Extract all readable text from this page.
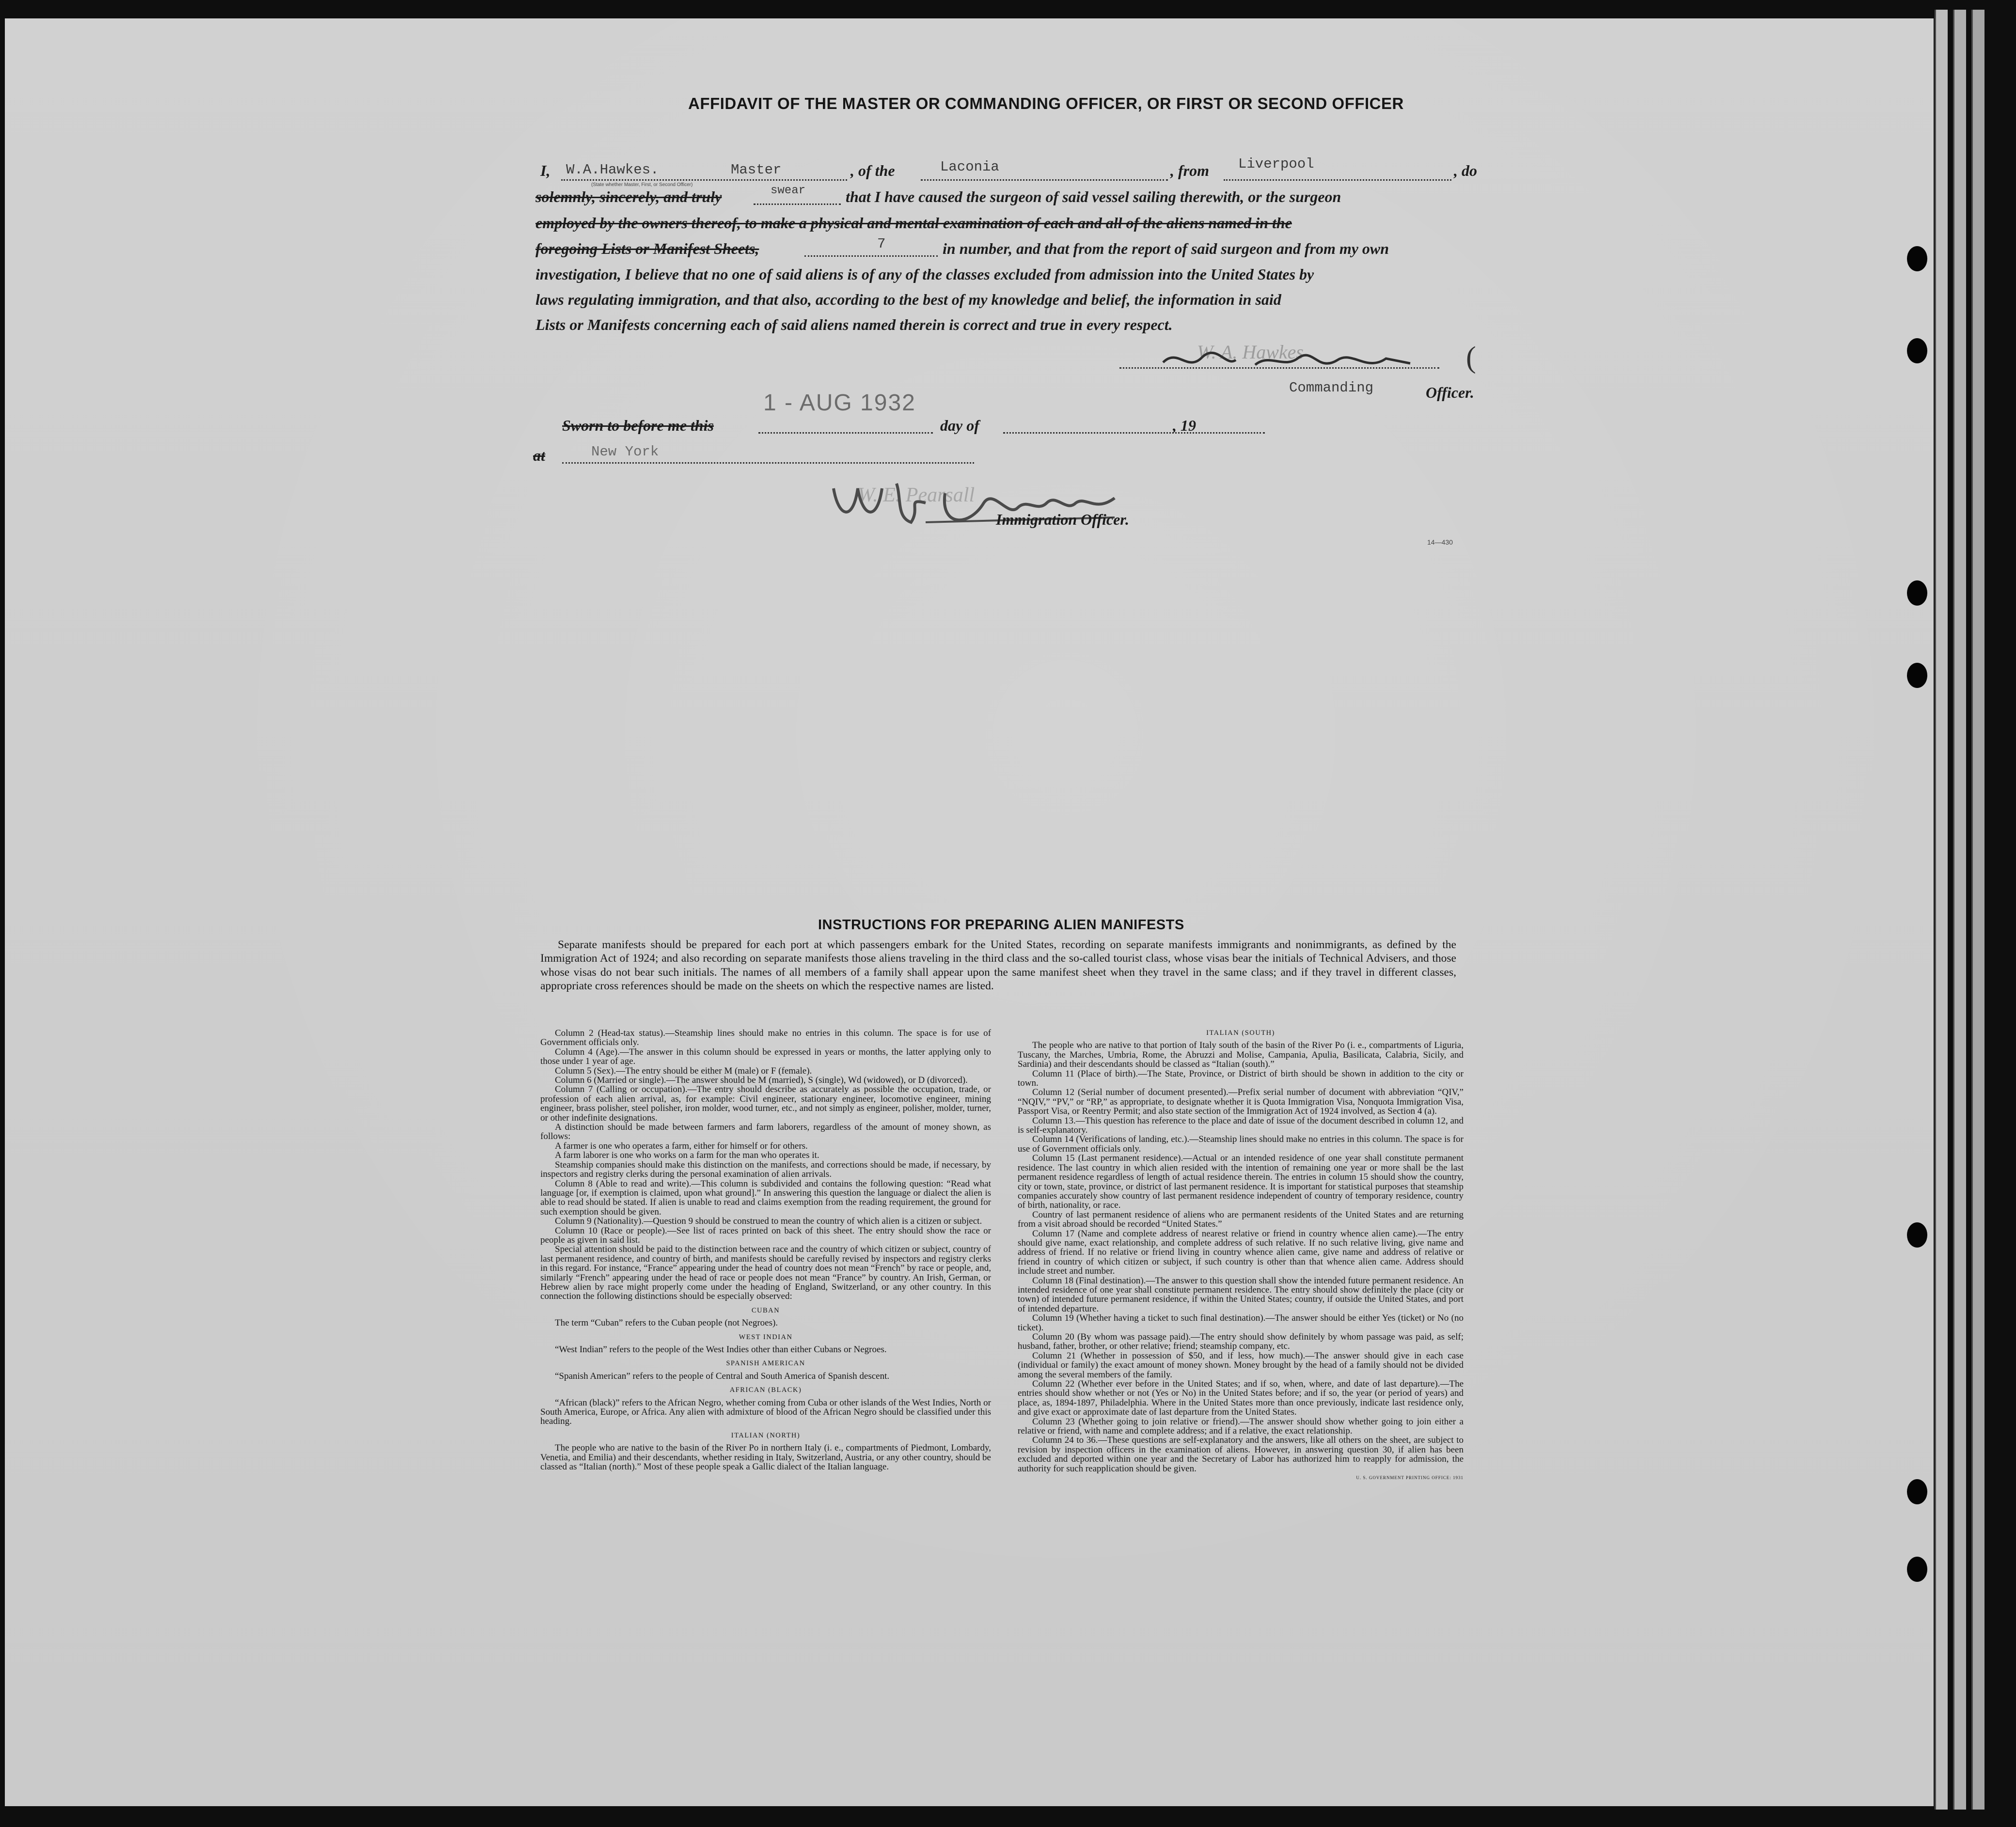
AFFIDAVIT OF THE MASTER OR COMMANDING OFFICER, OR FIRST OR SECOND OFFICER
I, W.A.Hawkes.	Master	, of the	Laconia	, from Liverpool	, do
(State whether Master, First, or Second Officer)
solemnly, sincerely, and truly	swear	that I have caused the surgeon of said vessel sailing therewith, or the surgeon
employed by the owners thereof, to make a physical and mental examination of each and all of the aliens named in the
foregoing Lists or Manifest Sheets,	7	in number, and that from the report of said surgeon and from my own
investigation, I believe that no one of said aliens is of any of the classes excluded from admission into the United States by
laws regulating immigration, and that also, according to the best of my knowledge and belief, the information in said
Lists or Manifests concerning each of said aliens named therein is correct and true in every respect.
W. A. Hawkes	(
Commanding	Officer.
1 - AUG 1932
Sworn to before me this	day of	, 19
at	New York
W. E. Pearsall
Immigration Officer.
14—430
INSTRUCTIONS FOR PREPARING ALIEN MANIFESTS
Separate manifests should be prepared for each port at which passengers embark for the United States, recording on separate manifests immigrants and nonimmigrants, as defined by the Immigration Act of 1924; and also recording on separate manifests those aliens traveling in the third class and the so-called tourist class, whose visas bear the initials of Technical Advisers, and those whose visas do not bear such initials. The names of all members of a family shall appear upon the same manifest sheet when they travel in the same class; and if they travel in different classes, appropriate cross references should be made on the sheets on which the respective names are listed.

Column 2 (Head-tax status).—Steamship lines should make no entries in this column. The space is for use of Government officials only.

Column 4 (Age).—The answer in this column should be expressed in years or months, the latter applying only to those under 1 year of age.

Column 5 (Sex).—The entry should be either M (male) or F (female).

Column 6 (Married or single).—The answer should be M (married), S (single), Wd (widowed), or D (divorced).

Column 7 (Calling or occupation).—The entry should describe as accurately as possible the occupation, trade, or profession of each alien arrival, as, for example: Civil engineer, stationary engineer, locomotive engineer, mining engineer, brass polisher, steel polisher, iron molder, wood turner, etc., and not simply as engineer, polisher, molder, turner, or other indefinite designations.

A distinction should be made between farmers and farm laborers, regardless of the amount of money shown, as follows:

A farmer is one who operates a farm, either for himself or for others.

A farm laborer is one who works on a farm for the man who operates it.

Steamship companies should make this distinction on the manifests, and corrections should be made, if necessary, by inspectors and registry clerks during the personal examination of alien arrivals.

Column 8 (Able to read and write).—This column is subdivided and contains the following question: “Read what language [or, if exemption is claimed, upon what ground].” In answering this question the language or dialect the alien is able to read should be stated. If alien is unable to read and claims exemption from the reading requirement, the ground for such exemption should be given.

Column 9 (Nationality).—Question 9 should be construed to mean the country of which alien is a citizen or subject.

Column 10 (Race or people).—See list of races printed on back of this sheet. The entry should show the race or people as given in said list.

Special attention should be paid to the distinction between race and the country of which citizen or subject, country of last permanent residence, and country of birth, and manifests should be carefully revised by inspectors and registry clerks in this regard. For instance, “France” appearing under the head of country does not mean “French” by race or people, and, similarly “French” appearing under the head of race or people does not mean “France” by country. An Irish, German, or Hebrew alien by race might properly come under the heading of England, Switzerland, or any other country. In this connection the following distinctions should be especially observed:

CUBAN

The term “Cuban” refers to the Cuban people (not Negroes).

WEST INDIAN

“West Indian” refers to the people of the West Indies other than either Cubans or Negroes.

SPANISH AMERICAN

“Spanish American” refers to the people of Central and South America of Spanish descent.

AFRICAN (BLACK)

“African (black)” refers to the African Negro, whether coming from Cuba or other islands of the West Indies, North or South America, Europe, or Africa. Any alien with admixture of blood of the African Negro should be classified under this heading.

ITALIAN (NORTH)

The people who are native to the basin of the River Po in northern Italy (i. e., compartments of Piedmont, Lombardy, Venetia, and Emilia) and their descendants, whether residing in Italy, Switzerland, Austria, or any other country, should be classed as “Italian (north).” Most of these people speak a Gallic dialect of the Italian language.

ITALIAN (SOUTH)

The people who are native to that portion of Italy south of the basin of the River Po (i. e., compartments of Liguria, Tuscany, the Marches, Umbria, Rome, the Abruzzi and Molise, Campania, Apulia, Basilicata, Calabria, Sicily, and Sardinia) and their descendants should be classed as “Italian (south).”

Column 11 (Place of birth).—The State, Province, or District of birth should be shown in addition to the city or town.

Column 12 (Serial number of document presented).—Prefix serial number of document with abbreviation “QIV,” “NQIV,” “PV,” or “RP,” as appropriate, to designate whether it is Quota Immigration Visa, Nonquota Immigration Visa, Passport Visa, or Reentry Permit; and also state section of the Immigration Act of 1924 involved, as Section 4 (a).

Column 13.—This question has reference to the place and date of issue of the document described in column 12, and is self-explanatory.

Column 14 (Verifications of landing, etc.).—Steamship lines should make no entries in this column. The space is for use of Government officials only.

Column 15 (Last permanent residence).—Actual or an intended residence of one year shall constitute permanent residence. The last country in which alien resided with the intention of remaining one year or more shall be the last permanent residence regardless of length of actual residence therein. The entries in column 15 should show the country, city or town, state, province, or district of last permanent residence. It is important for statistical purposes that steamship companies accurately show country of last permanent residence independent of country of temporary residence, country of birth, nationality, or race.

Country of last permanent residence of aliens who are permanent residents of the United States and are returning from a visit abroad should be recorded “United States.”

Column 17 (Name and complete address of nearest relative or friend in country whence alien came).—The entry should give name, exact relationship, and complete address of such relative. If no such relative living, give name and address of friend. If no relative or friend living in country whence alien came, give name and address of relative or friend in country of which citizen or subject, if such country is other than that whence alien came. Address should include street and number.

Column 18 (Final destination).—The answer to this question shall show the intended future permanent residence. An intended residence of one year shall constitute permanent residence. The entry should show definitely the place (city or town) of intended future permanent residence, if within the United States; country, if outside the United States, and port of intended departure.

Column 19 (Whether having a ticket to such final destination).—The answer should be either Yes (ticket) or No (no ticket).

Column 20 (By whom was passage paid).—The entry should show definitely by whom passage was paid, as self; husband, father, brother, or other relative; friend; steamship company, etc.

Column 21 (Whether in possession of $50, and if less, how much).—The answer should give in each case (individual or family) the exact amount of money shown. Money brought by the head of a family should not be divided among the several members of the family.

Column 22 (Whether ever before in the United States; and if so, when, where, and date of last departure).—The entries should show whether or not (Yes or No) in the United States before; and if so, the year (or period of years) and place, as, 1894-1897, Philadelphia. Where in the United States more than once previously, indicate last residence only, and give exact or approximate date of last departure from the United States.

Column 23 (Whether going to join relative or friend).—The answer should show whether going to join either a relative or friend, with name and complete address; and if a relative, the exact relationship.

Column 24 to 36.—These questions are self-explanatory and the answers, like all others on the sheet, are subject to revision by inspection officers in the examination of aliens. However, in answering question 30, if alien has been excluded and deported within one year and the Secretary of Labor has authorized him to reapply for admission, the authority for such reapplication should be given.

U. S. GOVERNMENT PRINTING OFFICE: 1931
